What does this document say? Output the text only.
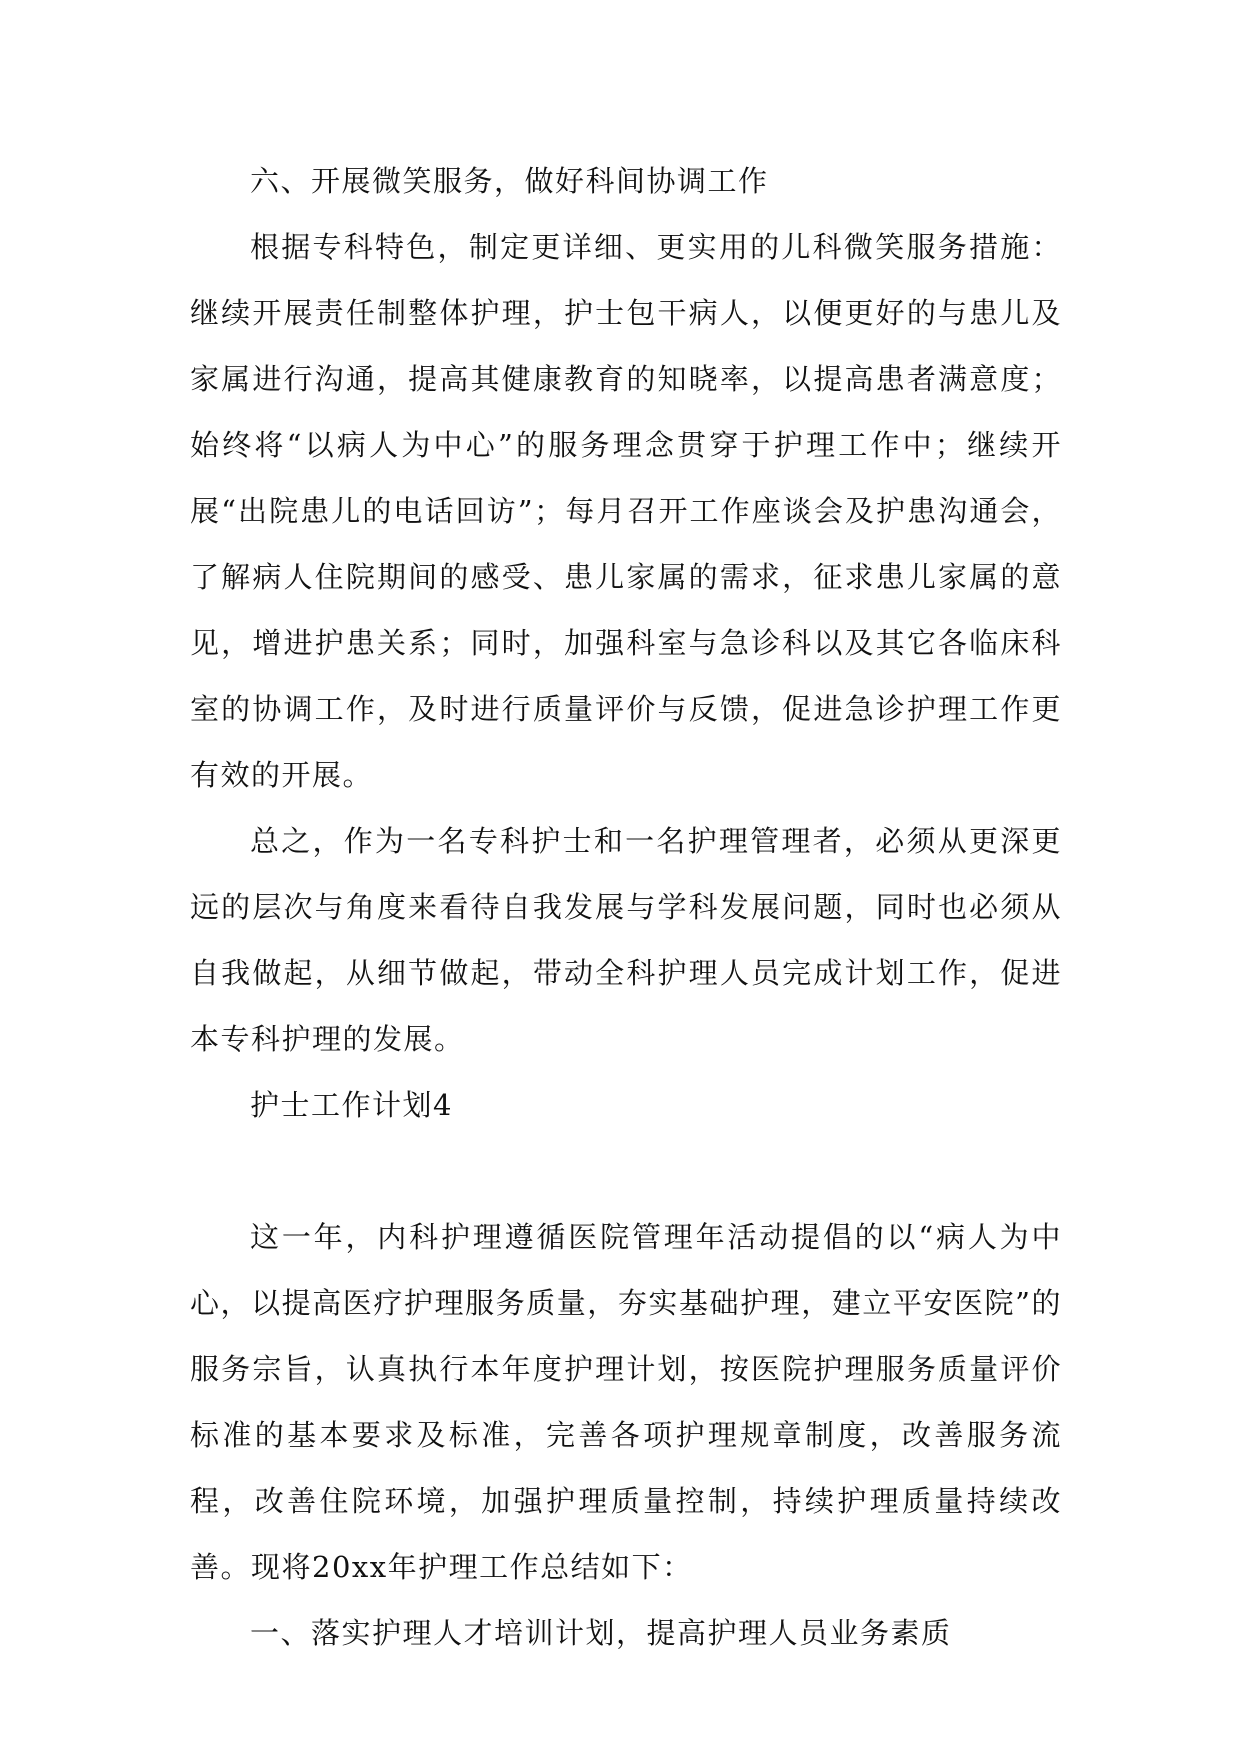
六、开展微笑服务，做好科间协调工作

根据专科特色，制定更详细、更实用的儿科微笑服务措施：继续开展责任制整体护理，护士包干病人，以便更好的与患儿及家属进行沟通，提高其健康教育的知晓率，以提高患者满意度；始终将“以病人为中心”的服务理念贯穿于护理工作中；继续开展“出院患儿的电话回访”；每月召开工作座谈会及护患沟通会，了解病人住院期间的感受、患儿家属的需求，征求患儿家属的意见，增进护患关系；同时，加强科室与急诊科以及其它各临床科室的协调工作，及时进行质量评价与反馈，促进急诊护理工作更有效的开展。

总之，作为一名专科护士和一名护理管理者，必须从更深更远的层次与角度来看待自我发展与学科发展问题，同时也必须从自我做起，从细节做起，带动全科护理人员完成计划工作，促进本专科护理的发展。

护士工作计划4

这一年，内科护理遵循医院管理年活动提倡的以“病人为中心，以提高医疗护理服务质量，夯实基础护理，建立平安医院”的服务宗旨，认真执行本年度护理计划，按医院护理服务质量评价标准的基本要求及标准，完善各项护理规章制度，改善服务流程，改善住院环境，加强护理质量控制，持续护理质量持续改善。现将20xx年护理工作总结如下：

一、落实护理人才培训计划，提高护理人员业务素质
